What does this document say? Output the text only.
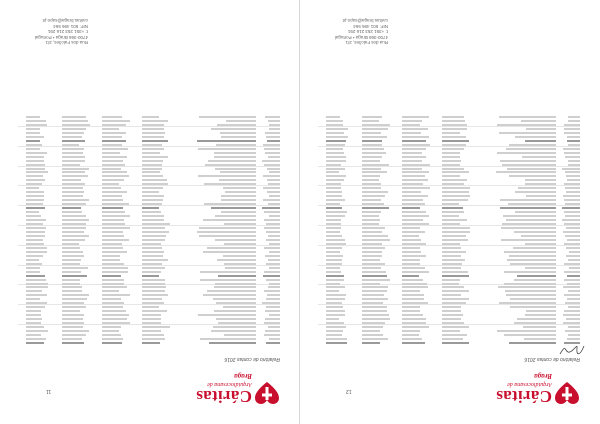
Cáritas
Arquidiocesana de
Braga
Relatório de contas 2016
11
Rua dos Falcões, 2/1
4700-366 Braga • Portugal
t: +351 253 216 291
NIF: 501 496 564
caritas.braga@sapo.pt
Cáritas
Arquidiocesana de
Braga
Relatório de contas 2016
12
Rua dos Falcões, 2/1
4700-366 Braga • Portugal
t: +351 253 216 291
NIF: 501 496 564
caritas.braga@sapo.pt
